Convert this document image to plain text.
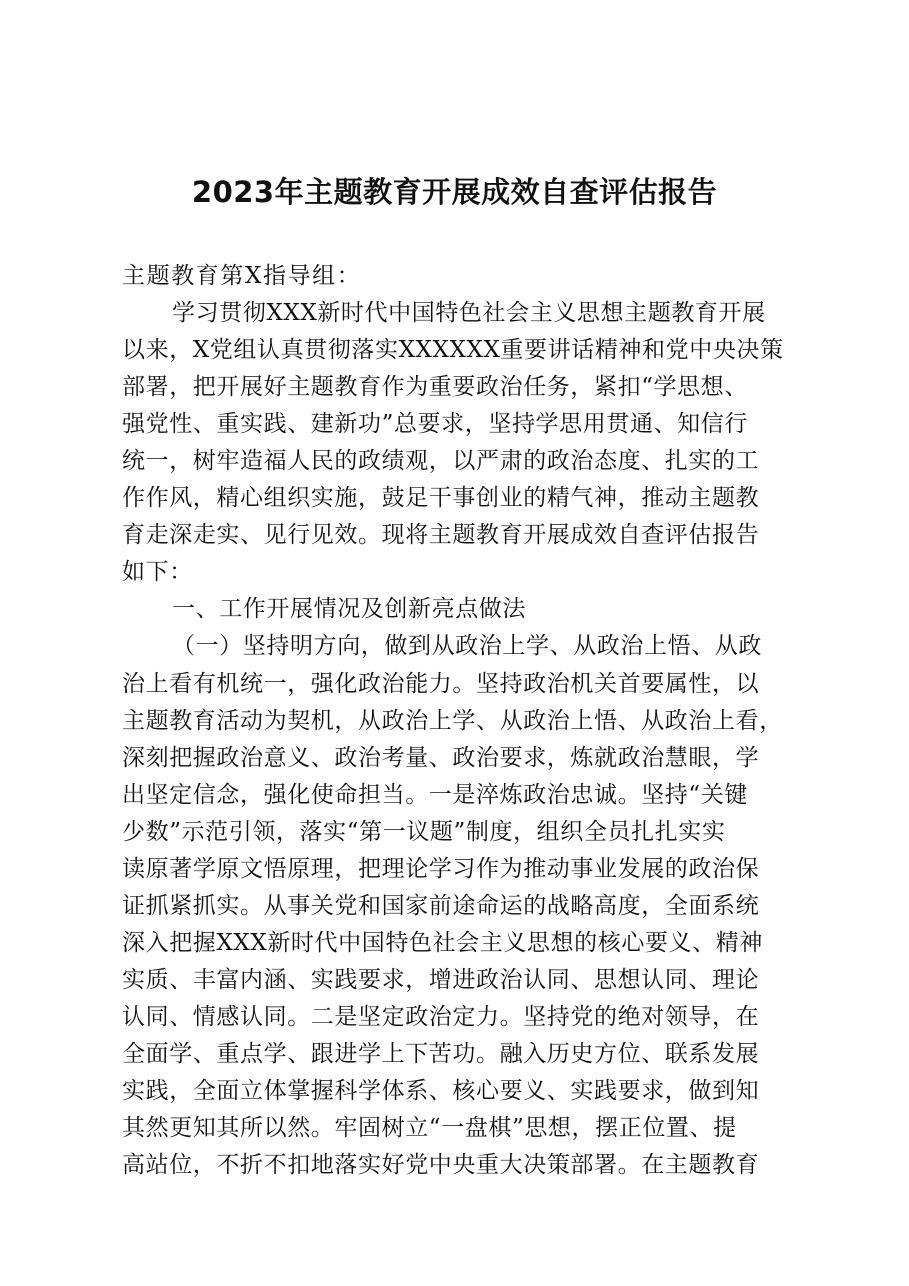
2023年主题教育开展成效自查评估报告
主题教育第X指导组：
学习贯彻XXX新时代中国特色社会主义思想主题教育开展
以来，X党组认真贯彻落实XXXXXX重要讲话精神和党中央决策
部署，把开展好主题教育作为重要政治任务，紧扣“学思想、
强党性、重实践、建新功”总要求，坚持学思用贯通、知信行
统一，树牢造福人民的政绩观，以严肃的政治态度、扎实的工
作作风，精心组织实施，鼓足干事创业的精气神，推动主题教
育走深走实、见行见效。现将主题教育开展成效自查评估报告
如下：
一、工作开展情况及创新亮点做法
（一）坚持明方向，做到从政治上学、从政治上悟、从政
治上看有机统一，强化政治能力。坚持政治机关首要属性，以
主题教育活动为契机，从政治上学、从政治上悟、从政治上看，
深刻把握政治意义、政治考量、政治要求，炼就政治慧眼，学
出坚定信念，强化使命担当。一是淬炼政治忠诚。坚持“关键
少数”示范引领，落实“第一议题”制度，组织全员扎扎实实
读原著学原文悟原理，把理论学习作为推动事业发展的政治保
证抓紧抓实。从事关党和国家前途命运的战略高度，全面系统
深入把握XXX新时代中国特色社会主义思想的核心要义、精神
实质、丰富内涵、实践要求，增进政治认同、思想认同、理论
认同、情感认同。二是坚定政治定力。坚持党的绝对领导，在
全面学、重点学、跟进学上下苦功。融入历史方位、联系发展
实践，全面立体掌握科学体系、核心要义、实践要求，做到知
其然更知其所以然。牢固树立“一盘棋”思想，摆正位置、提
高站位，不折不扣地落实好党中央重大决策部署。在主题教育
